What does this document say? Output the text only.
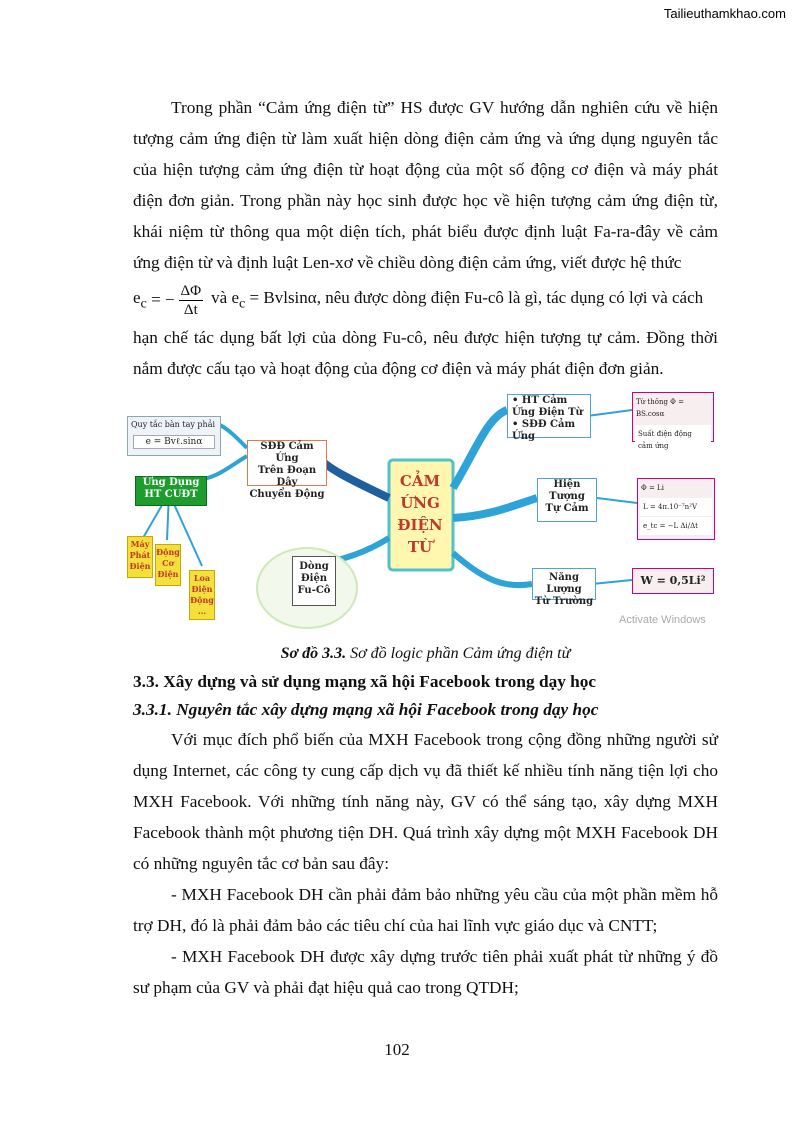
Tailieuthamkhao.com

Trong phần “Cảm ứng điện từ” HS được GV hướng dẫn nghiên cứu về hiện tượng cảm ứng điện từ làm xuất hiện dòng điện cảm ứng và ứng dụng nguyên tắc của hiện tượng cảm ứng điện từ hoạt động của một số động cơ điện và máy phát điện đơn giản. Trong phần này học sinh được học về hiện tượng cảm ứng điện từ, khái niệm từ thông qua một diện tích, phát biểu được định luật Fa-ra-đây về cảm ứng điện từ và định luật Len-xơ về chiều dòng điện cảm ứng, viết được hệ thức

$e_c$ = − $\frac{\Delta\Phi}{\Delta t}$ và $e_c = Bvlsin\alpha$, nêu được dòng điện Fu-cô là gì, tác dụng có lợi và cách

hạn chế tác dụng bất lợi của dòng Fu-cô, nêu được hiện tượng tự cảm. Đồng thời nắm được cấu tạo và hoạt động của động cơ điện và máy phát điện đơn giản.

CẢM
ỨNG
ĐIỆN
TỪ
Quy tắc bàn tay phải
e = Bvℓ.sinα	SĐĐ Cảm Ứng
Trên Đoạn Dây
Chuyển Động
Ứng Dụng
HT CUĐT
Máy
Phát
Điện
Động
Cơ
Điện	Loa
Điện
Động
...
Dòng
Điện
Fu-Cô
• HT Cảm
Ứng Điện Từ
• SĐĐ Cảm Ứng
Từ thông Φ = BS.cosα
Suất điện động cảm ứng
Hiện
Tượng
Tự Cảm
Φ = Li
L = 4π.10⁻⁷n²V
e_tc = −L Δi/Δt
Năng Lượng
Từ Trường
W = 0,5Li²
Activate Windows
Sơ đồ 3.3. Sơ đồ logic phần Cảm ứng điện từ
3.3. Xây dựng và sử dụng mạng xã hội Facebook trong dạy học
3.3.1. Nguyên tắc xây dựng mạng xã hội Facebook trong dạy học

Với mục đích phổ biến của MXH Facebook trong cộng đồng những người sử dụng Internet, các công ty cung cấp dịch vụ đã thiết kế nhiều tính năng tiện lợi cho MXH Facebook. Với những tính năng này, GV có thể sáng tạo, xây dựng MXH Facebook thành một phương tiện DH. Quá trình xây dựng một MXH Facebook DH có những nguyên tắc cơ bản sau đây:

- MXH Facebook DH cần phải đảm bảo những yêu cầu của một phần mềm hỗ trợ DH, đó là phải đảm bảo các tiêu chí của hai lĩnh vực giáo dục và CNTT;

- MXH Facebook DH được xây dựng trước tiên phải xuất phát từ những ý đồ sư phạm của GV và phải đạt hiệu quả cao trong QTDH;

102
